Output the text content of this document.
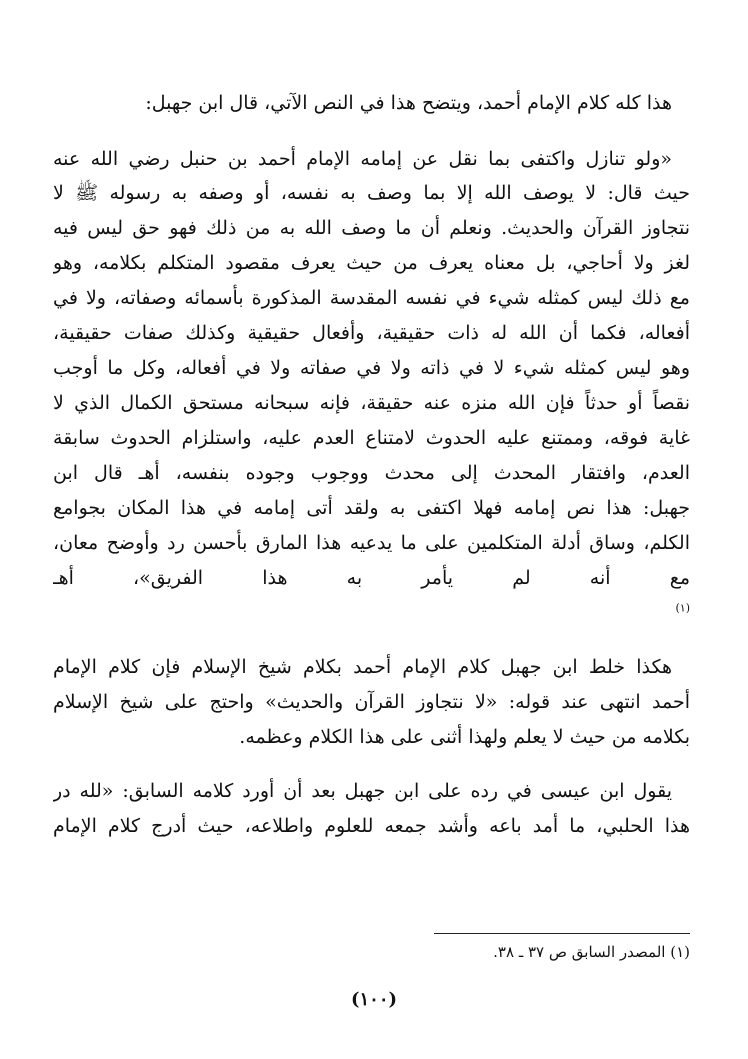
هذا كله كلام الإمام أحمد، ويتضح هذا في النص الآتي، قال ابن جهبل:
«ولو تنازل واكتفى بما نقل عن إمامه الإمام أحمد بن حنبل رضي الله عنه
حيث قال: لا يوصف الله إلا بما وصف به نفسه، أو وصفه به رسوله ﷺ لا
نتجاوز القرآن والحديث. ونعلم أن ما وصف الله به من ذلك فهو حق ليس فيه
لغز ولا أحاجي، بل معناه يعرف من حيث يعرف مقصود المتكلم بكلامه، وهو
مع ذلك ليس كمثله شيء في نفسه المقدسة المذكورة بأسمائه وصفاته، ولا في
أفعاله، فكما أن الله له ذات حقيقية، وأفعال حقيقية وكذلك صفات حقيقية،
وهو ليس كمثله شيء لا في ذاته ولا في صفاته ولا في أفعاله، وكل ما أوجب
نقصاً أو حدثاً فإن الله منزه عنه حقيقة، فإنه سبحانه مستحق الكمال الذي لا
غاية فوقه، وممتنع عليه الحدوث لامتناع العدم عليه، واستلزام الحدوث سابقة
العدم، وافتقار المحدث إلى محدث ووجوب وجوده بنفسه، أهـ قال ابن
جهبل: هذا نص إمامه فهلا اكتفى به ولقد أتى إمامه في هذا المكان بجوامع
الكلم، وساق أدلة المتكلمين على ما يدعيه هذا المارق بأحسن رد وأوضح معان،
مع أنه لم يأمر به هذا الفريق»، أهـ
$^{(١)}$
هكذا خلط ابن جهبل كلام الإمام أحمد بكلام شيخ الإسلام فإن كلام الإمام
أحمد انتهى عند قوله: «لا نتجاوز القرآن والحديث» واحتج على شيخ الإسلام
بكلامه من حيث لا يعلم ولهذا أثنى على هذا الكلام وعظمه.
يقول ابن عيسى في رده على ابن جهبل بعد أن أورد كلامه السابق: «لله در
هذا الحلبي، ما أمد باعه وأشد جمعه للعلوم واطلاعه، حيث أدرج كلام الإمام
(١) المصدر السابق ص ٣٧ ـ ٣٨.
(١٠٠)
